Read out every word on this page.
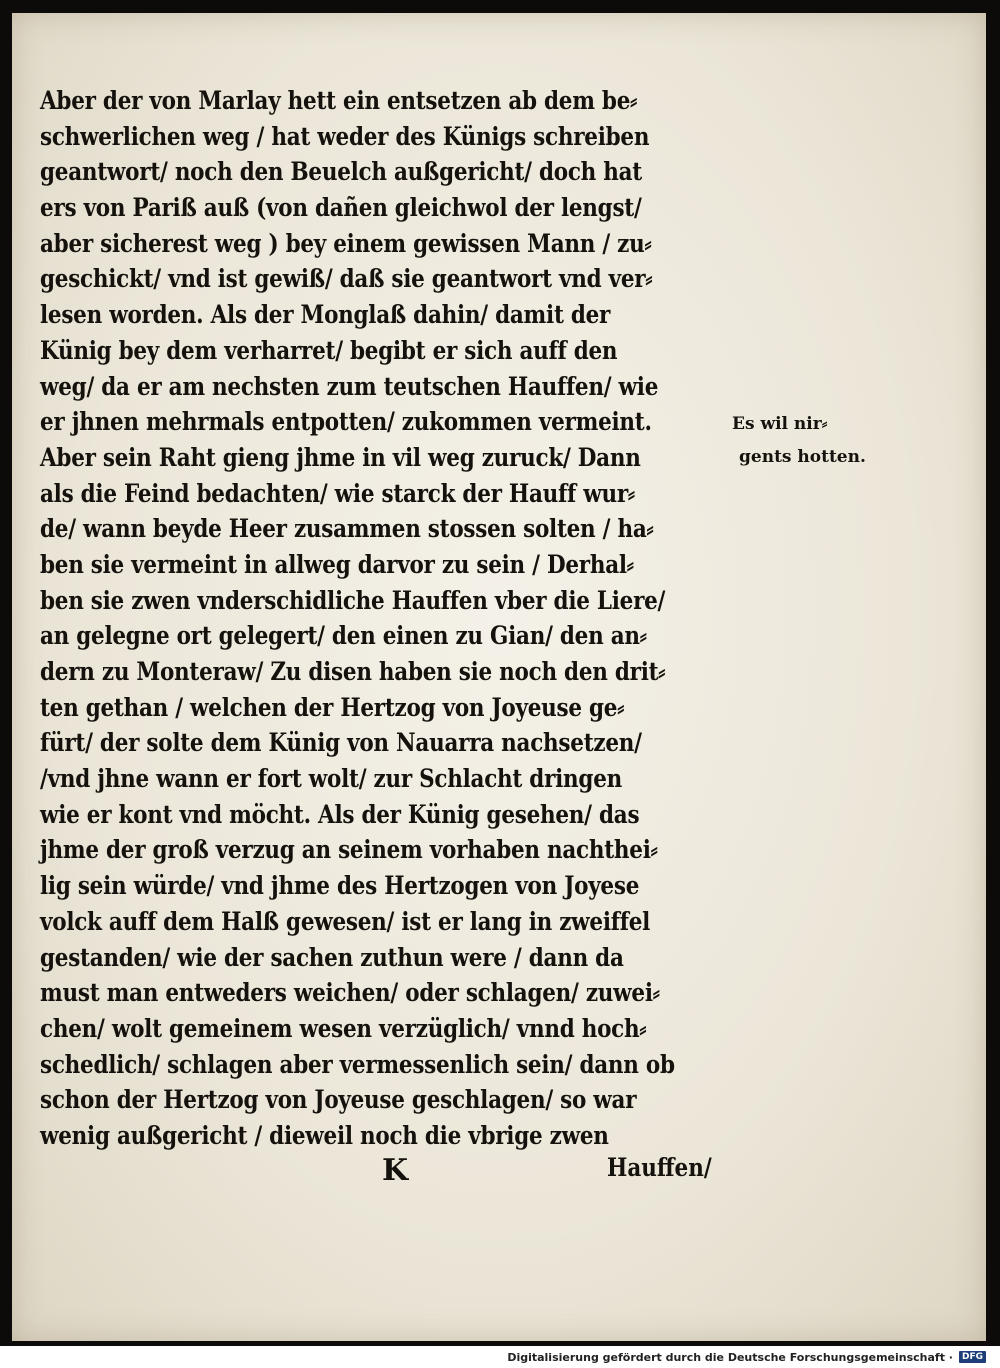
Aber der von Marlay hett ein entsetzen ab dem be⸗
schwerlichen weg / hat weder des Künigs schreiben
geantwort/ noch den Beuelch außgericht/ doch hat
ers von Pariß auß (von dañen gleichwol der lengst/
aber sicherest weg ) bey einem gewissen Mann / zu⸗
geschickt/ vnd ist gewiß/ daß sie geantwort vnd ver⸗
lesen worden. Als der Monglaß dahin/ damit der
Künig bey dem verharret/ begibt er sich auff den
weg/ da er am nechsten zum teutschen Hauffen/ wie
er jhnen mehrmals entpotten/ zukommen vermeint.
Aber sein Raht gieng jhme in vil weg zuruck/ Dann
als die Feind bedachten/ wie starck der Hauff wur⸗
de/ wann beyde Heer zusammen stossen solten / ha⸗
ben sie vermeint in allweg darvor zu sein / Derhal⸗
ben sie zwen vnderschidliche Hauffen vber die Liere/
an gelegne ort gelegert/ den einen zu Gian/ den an⸗
dern zu Monteraw/ Zu disen haben sie noch den drit⸗
ten gethan / welchen der Hertzog von Joyeuse ge⸗
fürt/ der solte dem Künig von Nauarra nachsetzen/
/vnd jhne wann er fort wolt/ zur Schlacht dringen
wie er kont vnd möcht. Als der Künig gesehen/ das
jhme der groß verzug an seinem vorhaben nachthei⸗
lig sein würde/ vnd jhme des Hertzogen von Joyese
volck auff dem Halß gewesen/ ist er lang in zweiffel
gestanden/ wie der sachen zuthun were / dann da
must man entweders weichen/ oder schlagen/ zuwei⸗
chen/ wolt gemeinem wesen verzüglich/ vnnd hoch⸗
schedlich/ schlagen aber vermessenlich sein/ dann ob
schon der Hertzog von Joyeuse geschlagen/ so war
wenig außgericht / dieweil noch die vbrige zwen
Es wil nir⸗
gents hotten.
K	Hauffen/
Digitalisierung gefördert durch die Deutsche Forschungsgemeinschaft ·	DFG
